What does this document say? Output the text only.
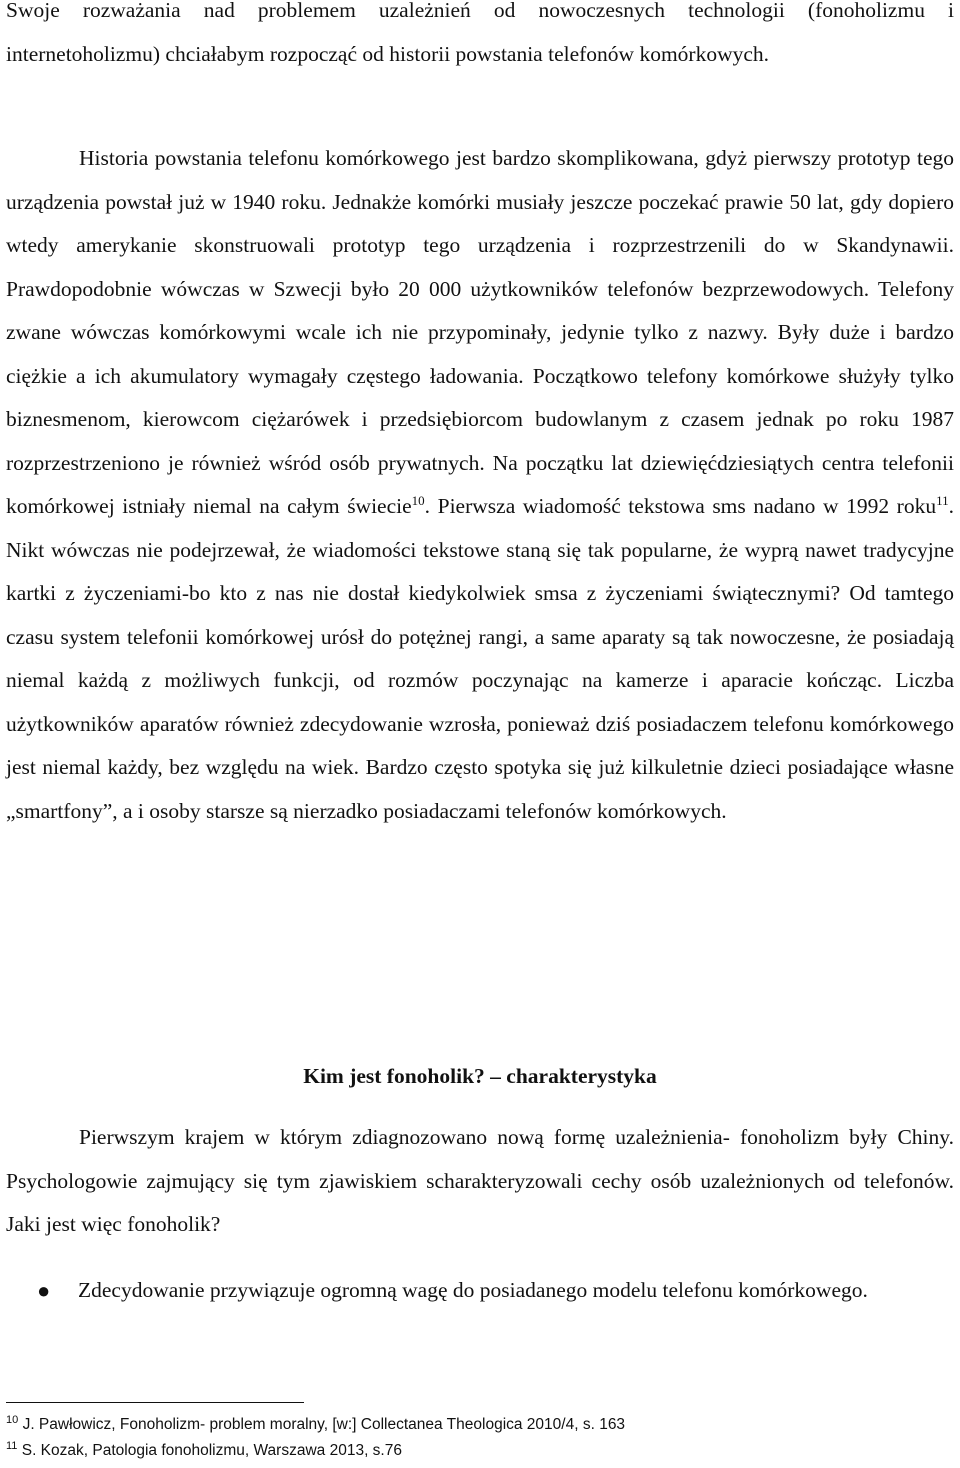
Swoje rozważania nad problemem uzależnień od nowoczesnych technologii (fonoholizmu i internetoholizmu) chciałabym rozpocząć od historii powstania telefonów komórkowych.

Historia powstania telefonu komórkowego jest bardzo skomplikowana, gdyż pierwszy prototyp tego urządzenia powstał już w 1940 roku. Jednakże komórki musiały jeszcze poczekać prawie 50 lat, gdy dopiero wtedy amerykanie skonstruowali prototyp tego urządzenia i rozprzestrzenili do w Skandynawii. Prawdopodobnie wówczas w Szwecji było 20 000 użytkowników telefonów bezprzewodowych. Telefony zwane wówczas komórkowymi wcale ich nie przypominały, jedynie tylko z nazwy. Były duże i bardzo ciężkie a ich akumulatory wymagały częstego ładowania. Początkowo telefony komórkowe służyły tylko biznesmenom, kierowcom ciężarówek i przedsiębiorcom budowlanym z czasem jednak po roku 1987 rozprzestrzeniono je również wśród osób prywatnych. Na początku lat dziewięćdziesiątych centra telefonii komórkowej istniały niemal na całym świecie$^{10}$. Pierwsza wiadomość tekstowa sms nadano w 1992 roku$^{11}$. Nikt wówczas nie podejrzewał, że wiadomości tekstowe staną się tak popularne, że wyprą nawet tradycyjne kartki z życzeniami-bo kto z nas nie dostał kiedykolwiek smsa z życzeniami świątecznymi? Od tamtego czasu system telefonii komórkowej urósł do potężnej rangi, a same aparaty są tak nowoczesne, że posiadają niemal każdą z możliwych funkcji, od rozmów poczynając na kamerze i aparacie kończąc. Liczba użytkowników aparatów również zdecydowanie wzrosła, ponieważ dziś posiadaczem telefonu komórkowego jest niemal każdy, bez względu na wiek. Bardzo często spotyka się już kilkuletnie dzieci posiadające własne „smartfony”, a i osoby starsze są nierzadko posiadaczami telefonów komórkowych.

Kim jest fonoholik? – charakterystyka

Pierwszym krajem w którym zdiagnozowano nową formę uzależnienia- fonoholizm były Chiny. Psychologowie zajmujący się tym zjawiskiem scharakteryzowali cechy osób uzależnionych od telefonów. Jaki jest więc fonoholik?

● Zdecydowanie przywiązuje ogromną wagę do posiadanego modelu telefonu komórkowego.

$^{10}$ J. Pawłowicz, Fonoholizm- problem moralny, [w:] Collectanea Theologica 2010/4, s. 163

$^{11}$ S. Kozak, Patologia fonoholizmu, Warszawa 2013, s.76
